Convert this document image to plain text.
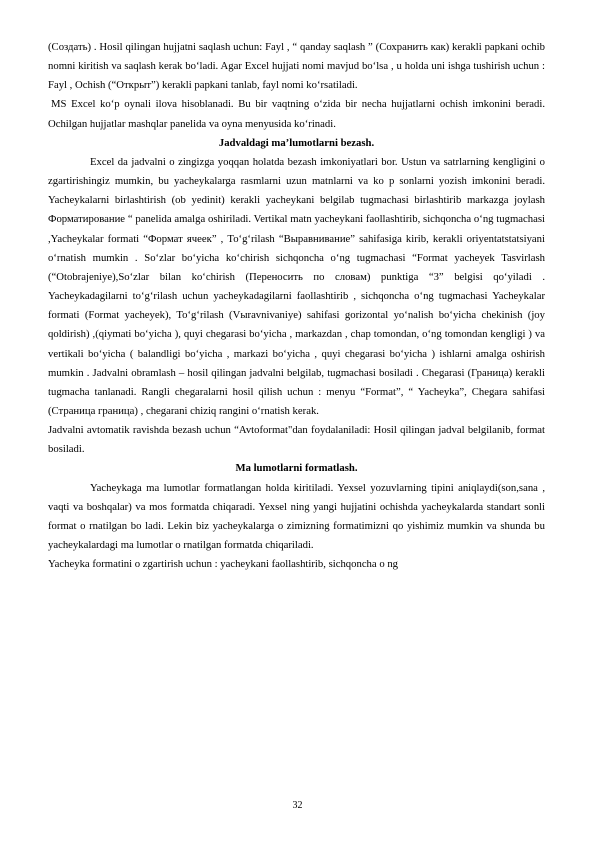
(Создать) . Hosil qilingan hujjatni saqlash uchun: Fayl , “ qanday saqlash ” (Сохранить как) kerakli papkani ochib nomni kiritish va saqlash kerak bo‘ladi. Agar Excel hujjati nomi mavjud bo‘lsa , u holda uni ishga tushirish uchun : Fayl , Ochish (“Открыт”) kerakli papkani tanlab, fayl nomi ko‘rsatiladi.

MS Excel ko‘p oynali ilova hisoblanadi. Bu bir vaqtning o‘zida bir necha hujjatlarni ochish imkonini beradi. Ochilgan hujjatlar mashqlar panelida va oyna menyusida ko‘rinadi.

Jadvaldagi ma’lumotlarni bezash.

Excel da jadvalni o zingizga yoqqan holatda bezash imkoniyatlari bor. Ustun va satrlarning kengligini o zgartirishingiz mumkin, bu yacheykalarga rasmlarni uzun matnlarni va ko p sonlarni yozish imkonini beradi. Yacheykalarni birlashtirish (ob yedinit) kerakli yacheykani belgilab tugmachasi birlashtirib markazga joylash Форматирование “ panelida amalga oshiriladi. Vertikal matn yacheykani faollashtirib, sichqoncha o‘ng tugmachasi ,Yacheykalar formati “Формат ячеек” , To‘g‘rilash “Выравнивание” sahifasiga kirib, kerakli oriyentatstatsiyani o‘rnatish mumkin . So‘zlar bo‘yicha ko‘chirish sichqoncha o‘ng tugmachasi “Format yacheyek Tasvirlash (“Otobrajeniye),So‘zlar bilan ko‘chirish (Переносить по словам) punktiga “3” belgisi qo‘yiladi . Yacheykadagilarni to‘g‘rilash uchun yacheykadagilarni faollashtirib , sichqoncha o‘ng tugmachasi Yacheykalar formati (Format yacheyek), To‘g‘rilash (Vыravnivaniye) sahifasi gorizontal yo‘nalish bo‘yicha chekinish (joy qoldirish) ,(qiymati bo‘yicha ), quyi chegarasi bo‘yicha , markazdan , chap tomondan, o‘ng tomondan kengligi ) va vertikali bo‘yicha ( balandligi bo‘yicha , markazi bo‘yicha , quyi chegarasi bo‘yicha ) ishlarni amalga oshirish mumkin . Jadvalni obramlash – hosil qilingan jadvalni belgilab, tugmachasi bosiladi . Chegarasi (Граница) kerakli tugmacha tanlanadi. Rangli chegaralarni hosil qilish uchun : menyu “Format”, “ Yacheyka”, Chegara sahifasi (Страница граница) , chegarani chiziq rangini o‘rnatish kerak.

Jadvalni avtomatik ravishda bezash uchun “Avtoformat"dan foydalaniladi: Hosil qilingan jadval belgilanib, format bosiladi.

Ma lumotlarni formatlash.

Yacheykaga ma lumotlar formatlangan holda kiritiladi. Yexsel yozuvlarning tipini aniqlaydi(son,sana , vaqti va boshqalar) va mos formatda chiqaradi. Yexsel ning yangi hujjatini ochishda yacheykalarda standart sonli format o rnatilgan bo ladi. Lekin biz yacheykalarga o zimizning formatimizni qo yishimiz mumkin va shunda bu yacheykalardagi ma lumotlar o rnatilgan formatda chiqariladi.

Yacheyka formatini o zgartirish uchun : yacheykani faollashtirib, sichqoncha o ng

32
